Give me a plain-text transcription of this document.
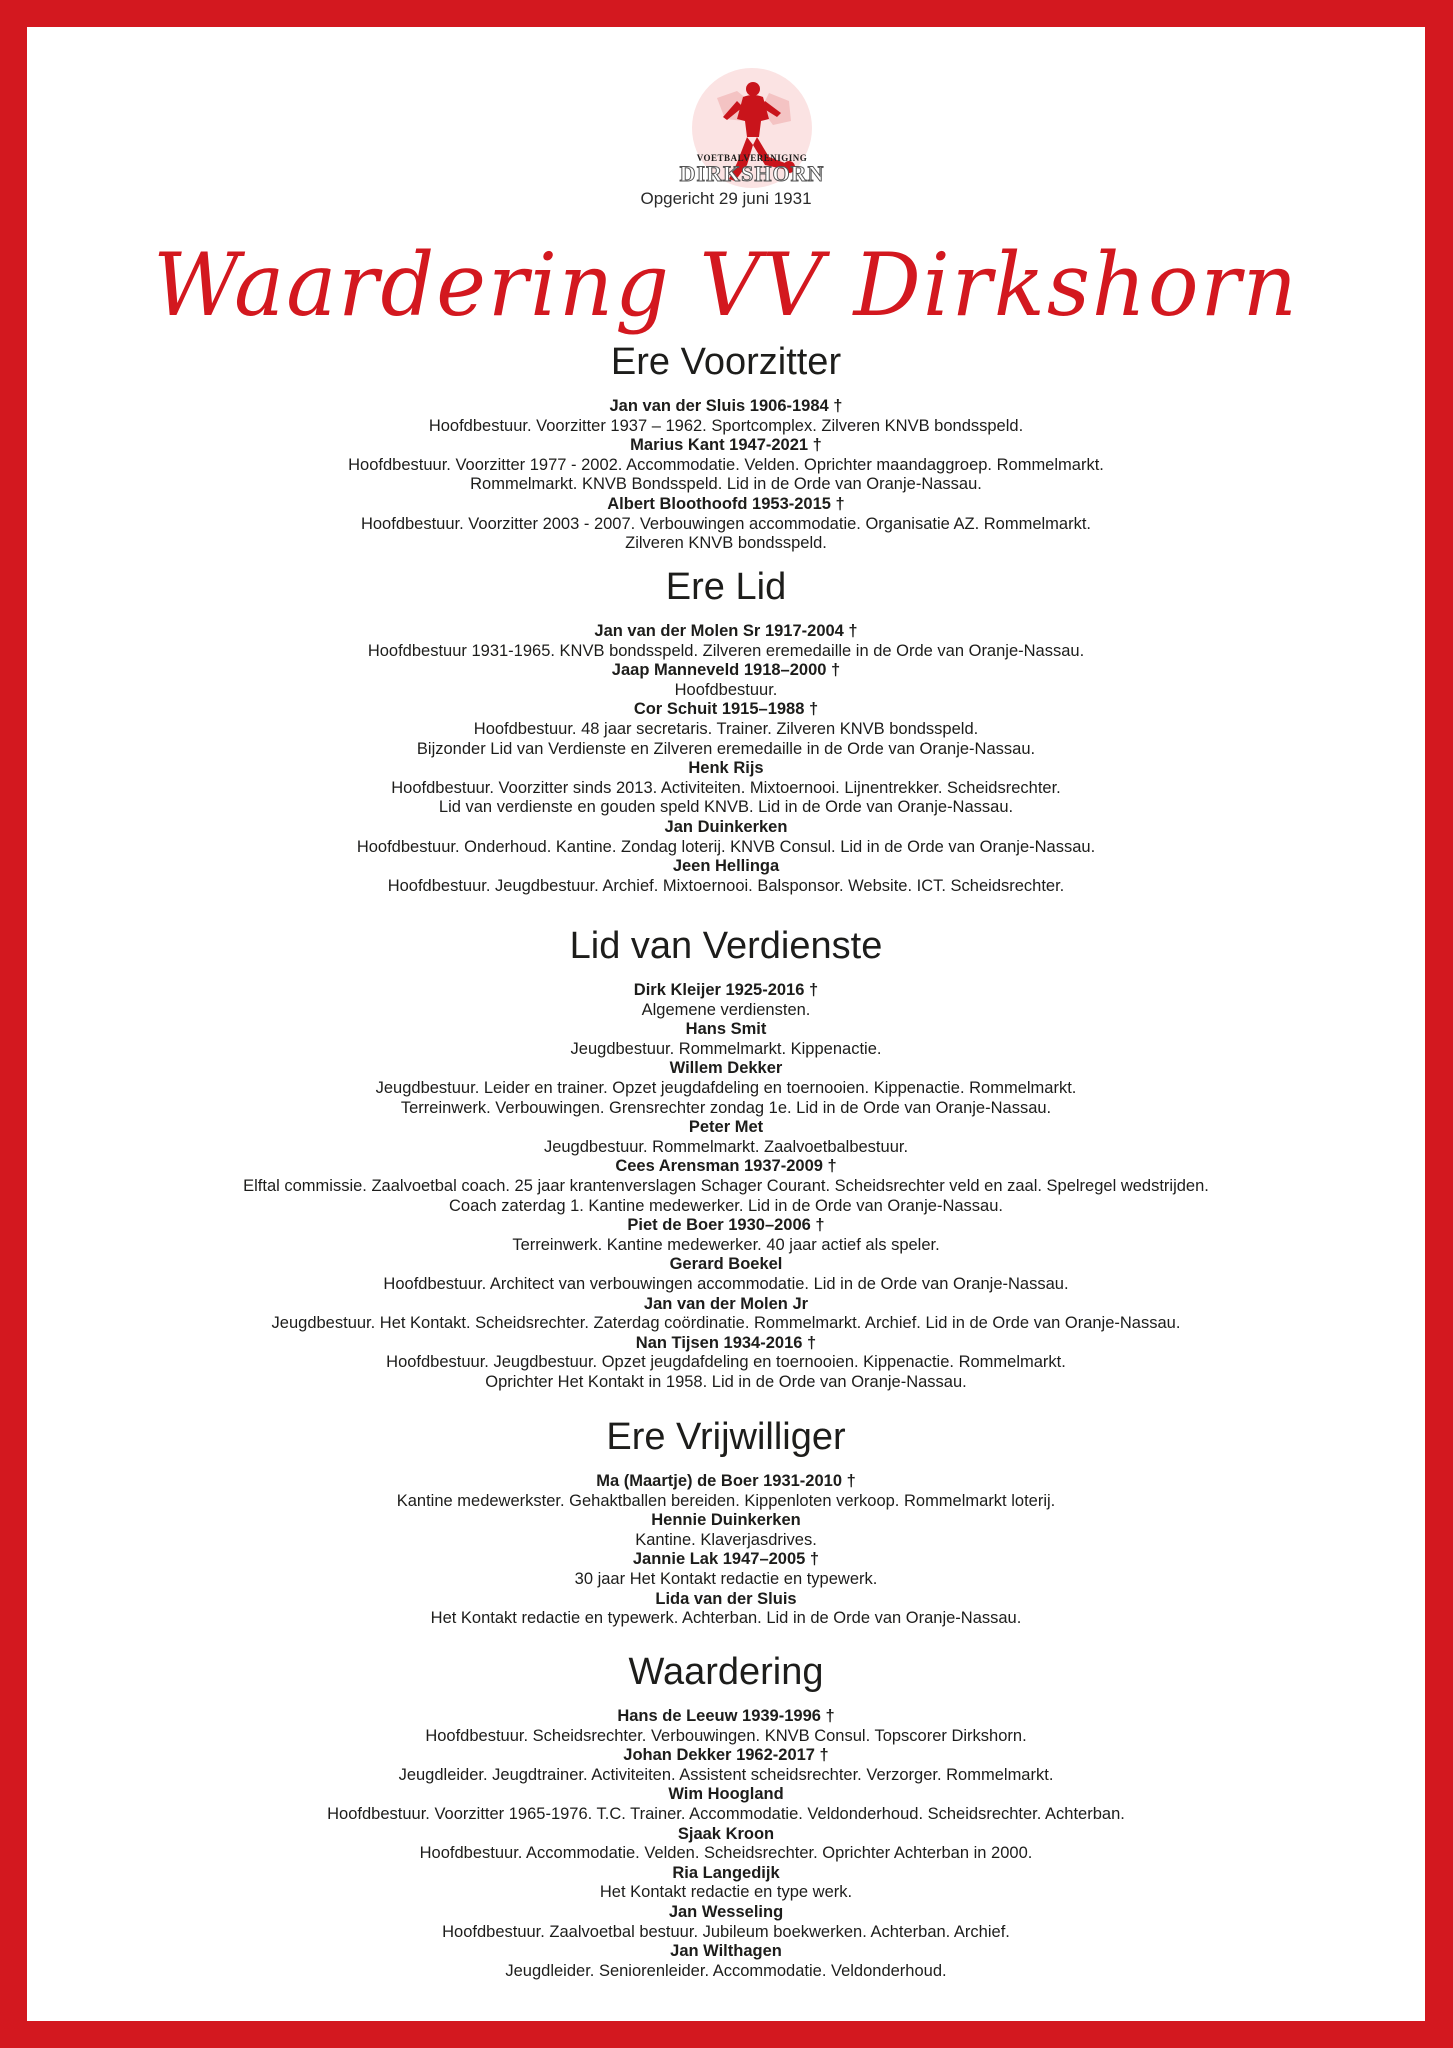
VOETBALVERENIGING
DIRKSHORN
Opgericht 29 juni 1931
Waardering VV Dirkshorn
Ere Voorzitter
Jan van der Sluis 1906-1984 †
Hoofdbestuur. Voorzitter 1937 – 1962. Sportcomplex. Zilveren KNVB bondsspeld.
Marius Kant 1947-2021 †
Hoofdbestuur. Voorzitter 1977 - 2002. Accommodatie. Velden. Oprichter maandaggroep. Rommelmarkt.
Rommelmarkt. KNVB Bondsspeld. Lid in de Orde van Oranje-Nassau.
Albert Bloothoofd 1953-2015 †
Hoofdbestuur. Voorzitter 2003 - 2007. Verbouwingen accommodatie. Organisatie AZ. Rommelmarkt.
Zilveren KNVB bondsspeld.
Ere Lid
Jan van der Molen Sr 1917-2004 †
Hoofdbestuur 1931-1965. KNVB bondsspeld. Zilveren eremedaille in de Orde van Oranje-Nassau.
Jaap Manneveld 1918–2000 †
Hoofdbestuur.
Cor Schuit 1915–1988 †
Hoofdbestuur. 48 jaar secretaris. Trainer. Zilveren KNVB bondsspeld.
Bijzonder Lid van Verdienste en Zilveren eremedaille in de Orde van Oranje-Nassau.
Henk Rijs
Hoofdbestuur. Voorzitter sinds 2013. Activiteiten. Mixtoernooi. Lijnentrekker. Scheidsrechter.
Lid van verdienste en gouden speld KNVB. Lid in de Orde van Oranje-Nassau.
Jan Duinkerken
Hoofdbestuur. Onderhoud. Kantine. Zondag loterij. KNVB Consul. Lid in de Orde van Oranje-Nassau.
Jeen Hellinga
Hoofdbestuur. Jeugdbestuur. Archief. Mixtoernooi. Balsponsor. Website. ICT. Scheidsrechter.
Lid van Verdienste
Dirk Kleijer 1925-2016 †
Algemene verdiensten.
Hans Smit
Jeugdbestuur. Rommelmarkt. Kippenactie.
Willem Dekker
Jeugdbestuur. Leider en trainer. Opzet jeugdafdeling en toernooien. Kippenactie. Rommelmarkt.
Terreinwerk. Verbouwingen. Grensrechter zondag 1e. Lid in de Orde van Oranje-Nassau.
Peter Met
Jeugdbestuur. Rommelmarkt. Zaalvoetbalbestuur.
Cees Arensman 1937-2009 †
Elftal commissie. Zaalvoetbal coach. 25 jaar krantenverslagen Schager Courant. Scheidsrechter veld en zaal. Spelregel wedstrijden.
Coach zaterdag 1. Kantine medewerker. Lid in de Orde van Oranje-Nassau.
Piet de Boer 1930–2006 †
Terreinwerk. Kantine medewerker. 40 jaar actief als speler.
Gerard Boekel
Hoofdbestuur. Architect van verbouwingen accommodatie. Lid in de Orde van Oranje-Nassau.
Jan van der Molen Jr
Jeugdbestuur. Het Kontakt. Scheidsrechter. Zaterdag coördinatie. Rommelmarkt. Archief. Lid in de Orde van Oranje-Nassau.
Nan Tijsen 1934-2016 †
Hoofdbestuur. Jeugdbestuur. Opzet jeugdafdeling en toernooien. Kippenactie. Rommelmarkt.
Oprichter Het Kontakt in 1958. Lid in de Orde van Oranje-Nassau.
Ere Vrijwilliger
Ma (Maartje) de Boer 1931-2010 †
Kantine medewerkster. Gehaktballen bereiden. Kippenloten verkoop. Rommelmarkt loterij.
Hennie Duinkerken
Kantine. Klaverjasdrives.
Jannie Lak 1947–2005 †
30 jaar Het Kontakt redactie en typewerk.
Lida van der Sluis
Het Kontakt redactie en typewerk. Achterban. Lid in de Orde van Oranje-Nassau.
Waardering
Hans de Leeuw 1939-1996 †
Hoofdbestuur. Scheidsrechter. Verbouwingen. KNVB Consul. Topscorer Dirkshorn.
Johan Dekker 1962-2017 †
Jeugdleider. Jeugdtrainer. Activiteiten. Assistent scheidsrechter. Verzorger. Rommelmarkt.
Wim Hoogland
Hoofdbestuur. Voorzitter 1965-1976. T.C. Trainer. Accommodatie. Veldonderhoud. Scheidsrechter. Achterban.
Sjaak Kroon
Hoofdbestuur. Accommodatie. Velden. Scheidsrechter. Oprichter Achterban in 2000.
Ria Langedijk
Het Kontakt redactie en type werk.
Jan Wesseling
Hoofdbestuur. Zaalvoetbal bestuur. Jubileum boekwerken. Achterban. Archief.
Jan Wilthagen
Jeugdleider. Seniorenleider. Accommodatie. Veldonderhoud.
